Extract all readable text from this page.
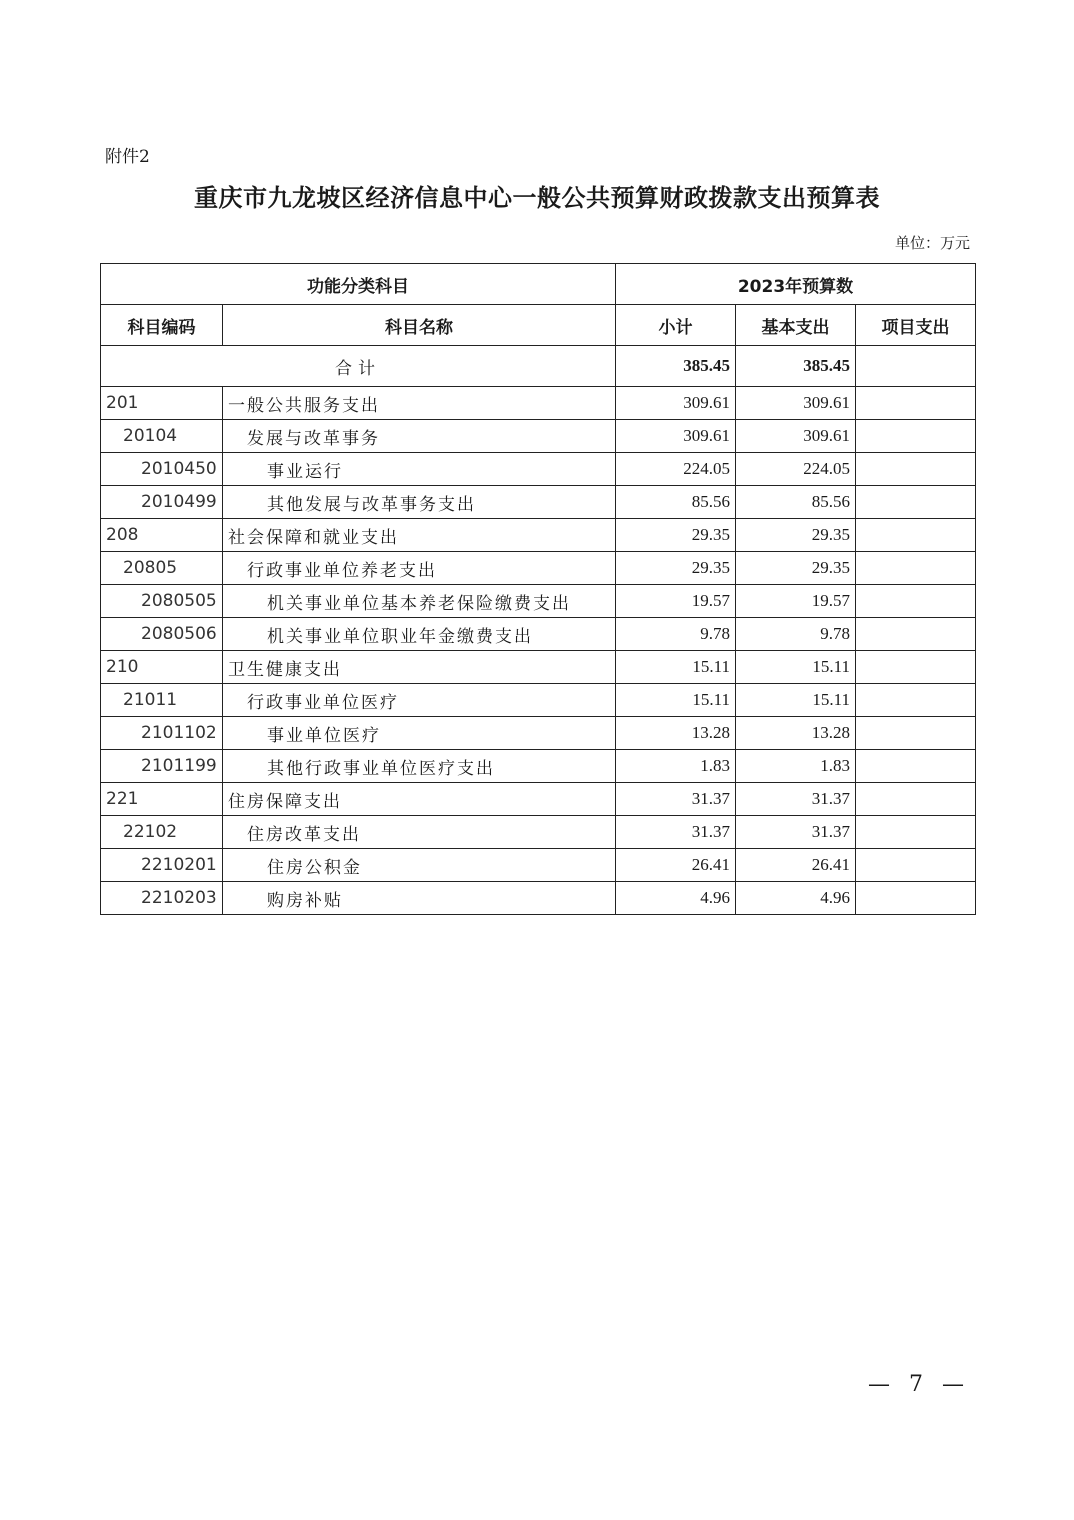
附件2
重庆市九龙坡区经济信息中心一般公共预算财政拨款支出预算表
单位：万元
功能分类科目		2023年预算数		
科目编码	科目名称	小计	基本支出	项目支出
合计		385.45	385.45	
201	一般公共服务支出	309.61	309.61	
20104	发展与改革事务	309.61	309.61	
2010450	事业运行	224.05	224.05	
2010499	其他发展与改革事务支出	85.56	85.56	
208	社会保障和就业支出	29.35	29.35	
20805	行政事业单位养老支出	29.35	29.35	
2080505	机关事业单位基本养老保险缴费支出	19.57	19.57	
2080506	机关事业单位职业年金缴费支出	9.78	9.78	
210	卫生健康支出	15.11	15.11	
21011	行政事业单位医疗	15.11	15.11	
2101102	事业单位医疗	13.28	13.28	
2101199	其他行政事业单位医疗支出	1.83	1.83	
221	住房保障支出	31.37	31.37	
22102	住房改革支出	31.37	31.37	
2210201	住房公积金	26.41	26.41	
2210203	购房补贴	4.96	4.96	
— 7 —
